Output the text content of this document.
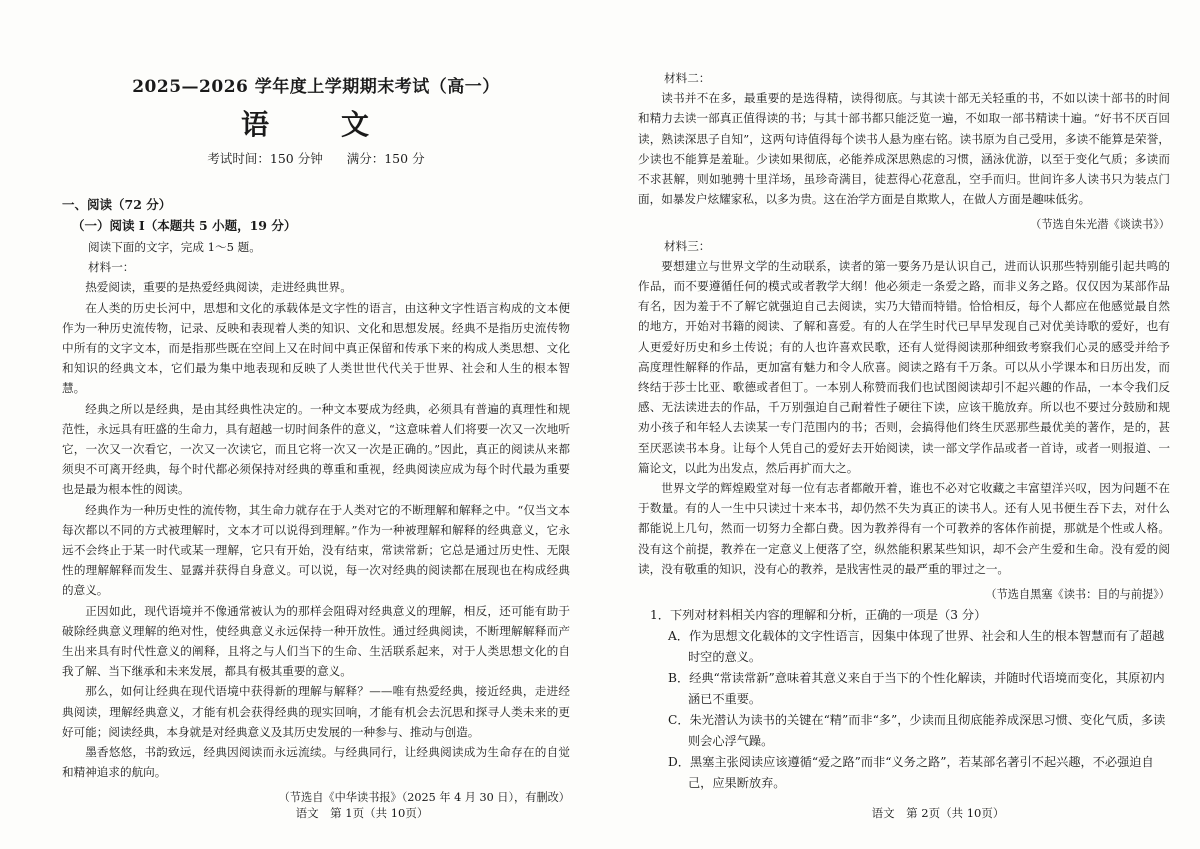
2025—2026 学年度上学期期末考试（高一）

语　文

考试时间：150 分钟 满分：150 分

一、阅读（72 分）

（一）阅读 I（本题共 5 小题，19 分）

阅读下面的文字，完成 1～5 题。

材料一：

热爱阅读，重要的是热爱经典阅读，走进经典世界。

在人类的历史长河中，思想和文化的承载体是文字性的语言，由这种文字性语言构成的文本便作为一种历史流传物，记录、反映和表现着人类的知识、文化和思想发展。经典不是指历史流传物中所有的文字文本，而是指那些既在空间上又在时间中真正保留和传承下来的构成人类思想、文化和知识的经典文本，它们最为集中地表现和反映了人类世世代代关于世界、社会和人生的根本智慧。

经典之所以是经典，是由其经典性决定的。一种文本要成为经典，必须具有普遍的真理性和规范性，永远具有旺盛的生命力，具有超越一切时间条件的意义，“这意味着人们将要一次又一次地听它，一次又一次看它，一次又一次读它，而且它将一次又一次是正确的。”因此，真正的阅读从来都须臾不可离开经典，每个时代都必须保持对经典的尊重和重视，经典阅读应成为每个时代最为重要也是最为根本性的阅读。

经典作为一种历史性的流传物，其生命力就存在于人类对它的不断理解和解释之中。“仅当文本每次都以不同的方式被理解时，文本才可以说得到理解。”作为一种被理解和解释的经典意义，它永远不会终止于某一时代或某一理解，它只有开始，没有结束，常读常新；它总是通过历史性、无限性的理解解释而发生、显露并获得自身意义。可以说，每一次对经典的阅读都在展现也在构成经典的意义。

正因如此，现代语境并不像通常被认为的那样会阻碍对经典意义的理解，相反，还可能有助于破除经典意义理解的绝对性，使经典意义永远保持一种开放性。通过经典阅读，不断理解解释而产生出来具有时代性意义的阐释，且将之与人们当下的生命、生活联系起来，对于人类思想文化的自我了解、当下继承和未来发展，都具有极其重要的意义。

那么，如何让经典在现代语境中获得新的理解与解释？——唯有热爱经典，接近经典，走进经典阅读，理解经典意义，才能有机会获得经典的现实回响，才能有机会去沉思和探寻人类未来的更好可能；阅读经典，本身就是对经典意义及其历史发展的一种参与、推动与创造。

墨香悠悠，书韵致远，经典因阅读而永远流续。与经典同行，让经典阅读成为生命存在的自觉和精神追求的航向。

（节选自《中华读书报》（2025 年 4 月 30 日），有删改）

语文　第 1页（共 10页）

材料二：

读书并不在多，最重要的是选得精，读得彻底。与其读十部无关轻重的书，不如以读十部书的时间和精力去读一部真正值得读的书；与其十部书都只能泛览一遍，不如取一部书精读十遍。“好书不厌百回读，熟读深思子自知”，这两句诗值得每个读书人悬为座右铭。读书原为自己受用，多读不能算是荣誉，少读也不能算是羞耻。少读如果彻底，必能养成深思熟虑的习惯，涵泳优游，以至于变化气质；多读而不求甚解，则如驰骋十里洋场，虽珍奇满目，徒惹得心花意乱，空手而归。世间许多人读书只为装点门面，如暴发户炫耀家私，以多为贵。这在治学方面是自欺欺人，在做人方面是趣味低劣。

（节选自朱光潜《谈读书》）

材料三：

要想建立与世界文学的生动联系，读者的第一要务乃是认识自己，进而认识那些特别能引起共鸣的作品，而不要遵循任何的模式或者教学大纲！他必须走一条爱之路，而非义务之路。仅仅因为某部作品有名，因为羞于不了解它就强迫自己去阅读，实乃大错而特错。恰恰相反，每个人都应在他感觉最自然的地方，开始对书籍的阅读、了解和喜爱。有的人在学生时代已早早发现自己对优美诗歌的爱好，也有人更爱好历史和乡土传说；有的人也许喜欢民歌，还有人觉得阅读那种细致考察我们心灵的感受并给予高度理性解释的作品，更加富有魅力和令人欣喜。阅读之路有千万条。可以从小学课本和日历出发，而终结于莎士比亚、歌德或者但丁。一本别人称赞而我们也试图阅读却引不起兴趣的作品，一本令我们反感、无法读进去的作品，千万别强迫自己耐着性子硬往下读，应该干脆放弃。所以也不要过分鼓励和规劝小孩子和年轻人去读某一专门范围内的书；否则，会搞得他们终生厌恶那些最优美的著作，是的，甚至厌恶读书本身。让每个人凭自己的爱好去开始阅读，读一部文学作品或者一首诗，或者一则报道、一篇论文，以此为出发点，然后再扩而大之。

世界文学的辉煌殿堂对每一位有志者都敞开着，谁也不必对它收藏之丰富望洋兴叹，因为问题不在于数量。有的人一生中只读过十来本书，却仍然不失为真正的读书人。还有人见书便生吞下去，对什么都能说上几句，然而一切努力全都白费。因为教养得有一个可教养的客体作前提，那就是个性或人格。没有这个前提，教养在一定意义上便落了空，纵然能积累某些知识，却不会产生爱和生命。没有爱的阅读，没有敬重的知识，没有心的教养，是戕害性灵的最严重的罪过之一。

（节选自黑塞《读书：目的与前提》）

1．下列对材料相关内容的理解和分析，正确的一项是（3 分）

A．作为思想文化载体的文字性语言，因集中体现了世界、社会和人生的根本智慧而有了超越时空的意义。

B．经典“常读常新”意味着其意义来自于当下的个性化解读，并随时代语境而变化，其原初内涵已不重要。

C．朱光潜认为读书的关键在“精”而非“多”，少读而且彻底能养成深思习惯、变化气质，多读则会心浮气躁。

D．黑塞主张阅读应该遵循“爱之路”而非“义务之路”，若某部名著引不起兴趣，不必强迫自己，应果断放弃。

语文　第 2页（共 10页）
